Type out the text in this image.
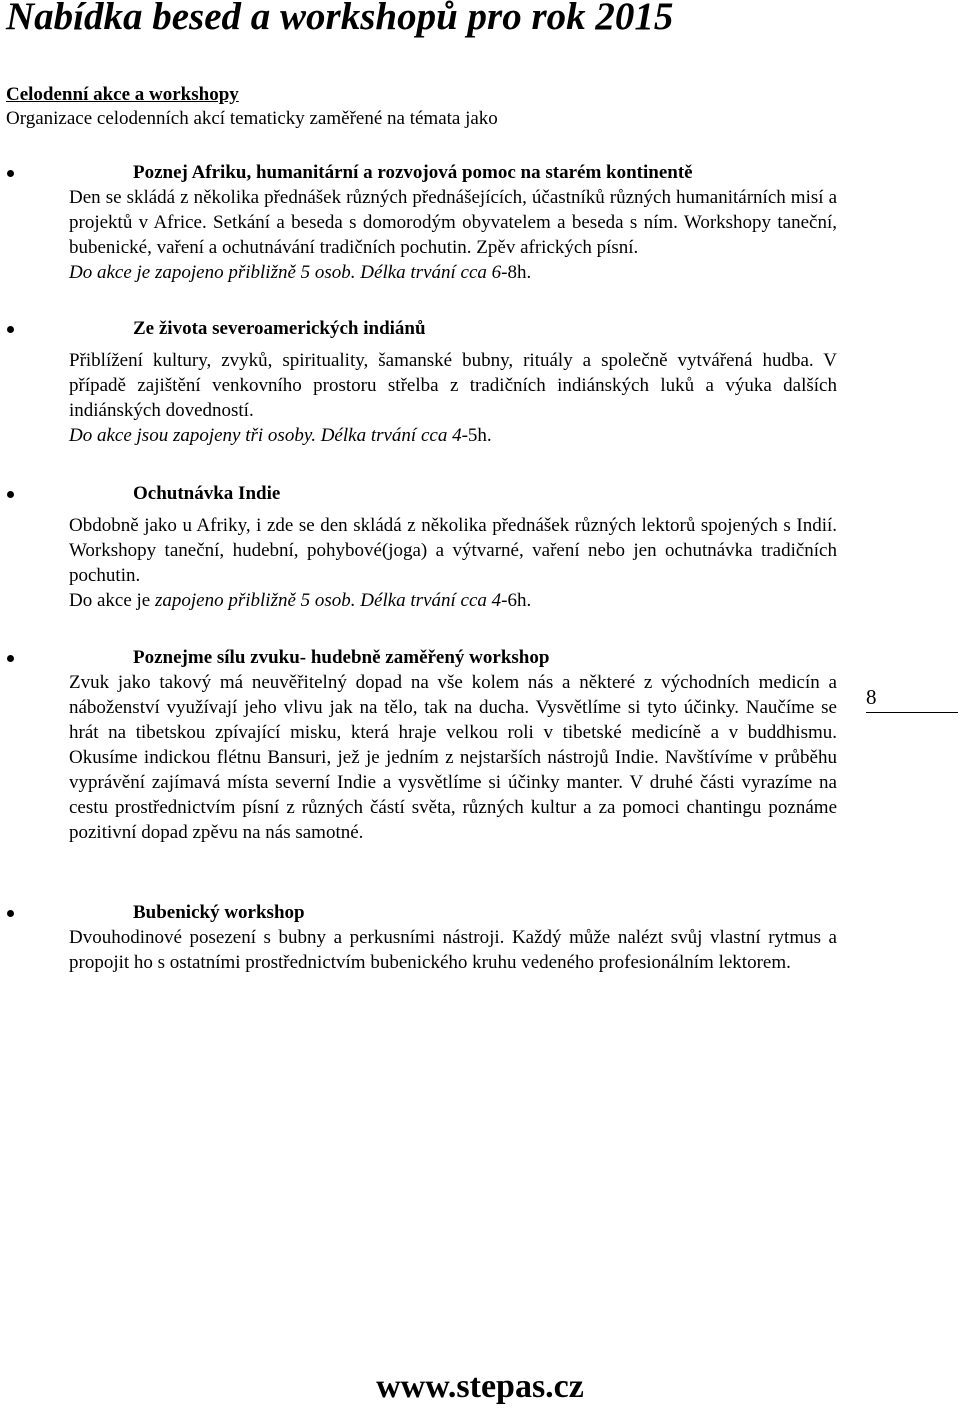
Nabídka besed a workshopů pro rok 2015
Celodenní akce a workshopy
Organizace celodenních akcí tematicky zaměřené na témata jako
Poznej Afriku, humanitární a rozvojová pomoc na starém kontinentě

Den se skládá z několika přednášek různých přednášejících, účastníků různých humanitárních misí a projektů v Africe. Setkání a beseda s domorodým obyvatelem a beseda s ním. Workshopy taneční, bubenické, vaření a ochutnávání tradičních pochutin. Zpěv afrických písní.

Do akce je zapojeno přibližně 5 osob. Délka trvání cca 6-8h.

Ze života severoamerických indiánů

Přiblížení kultury, zvyků, spirituality, šamanské bubny, rituály a společně vytvářená hudba. V případě zajištění venkovního prostoru střelba z tradičních indiánských luků a výuka dalších indiánských dovedností.

Do akce jsou zapojeny tři osoby. Délka trvání cca 4-5h.

Ochutnávka Indie

Obdobně jako u Afriky, i zde se den skládá z několika přednášek různých lektorů spojených s Indií. Workshopy taneční, hudební, pohybové(joga) a výtvarné, vaření nebo jen ochutnávka tradičních pochutin.

Do akce je zapojeno přibližně 5 osob. Délka trvání cca 4-6h.

Poznejme sílu zvuku- hudebně zaměřený workshop

Zvuk jako takový má neuvěřitelný dopad na vše kolem nás a některé z východních medicín a náboženství využívají jeho vlivu jak na tělo, tak na ducha. Vysvětlíme si tyto účinky. Naučíme se hrát na tibetskou zpívající misku, která hraje velkou roli v tibetské medicíně a v buddhismu. Okusíme indickou flétnu Bansuri, jež je jedním z nejstarších nástrojů Indie. Navštívíme v průběhu vyprávění zajímavá místa severní Indie a vysvětlíme si účinky manter. V druhé části vyrazíme na cestu prostřednictvím písní z různých částí světa, různých kultur a za pomoci chantingu poznáme pozitivní dopad zpěvu na nás samotné.

Bubenický workshop

Dvouhodinové posezení s bubny a perkusními nástroji. Každý může nalézt svůj vlastní rytmus a propojit ho s ostatními prostřednictvím bubenického kruhu vedeného profesionálním lektorem.

8
www.stepas.cz
